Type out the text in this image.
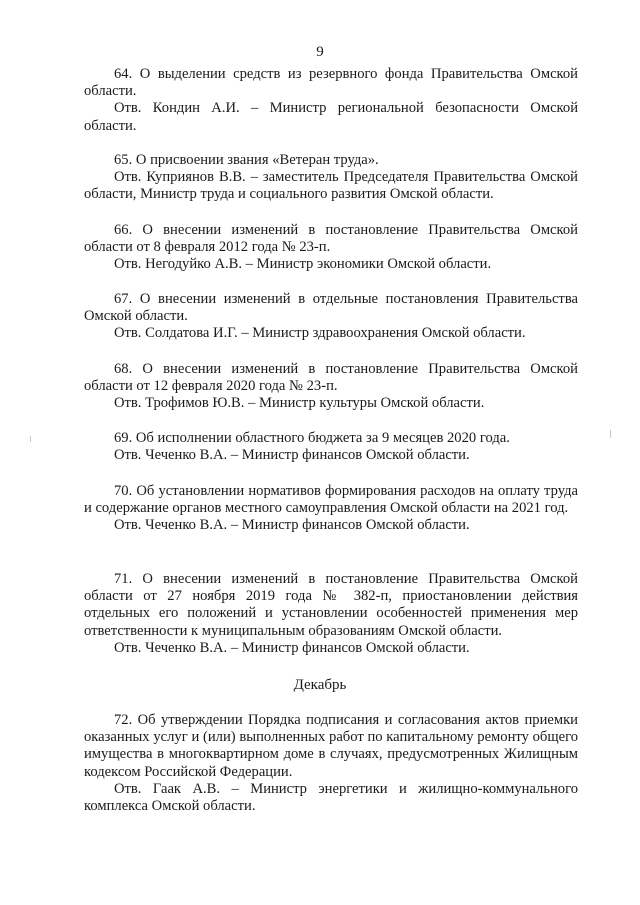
9

64. О выделении средств из резервного фонда Правительства Омской области.

Отв. Кондин А.И. – Министр региональной безопасности Омской области.

65. О присвоении звания «Ветеран труда».

Отв. Куприянов В.В. – заместитель Председателя Правительства Омской области, Министр труда и социального развития Омской области.

66. О внесении изменений в постановление Правительства Омской области от 8 февраля 2012 года № 23-п.

Отв. Негодуйко А.В. – Министр экономики Омской области.

67. О внесении изменений в отдельные постановления Правительства Омской области.

Отв. Солдатова И.Г. – Министр здравоохранения Омской области.

68. О внесении изменений в постановление Правительства Омской области от 12 февраля 2020 года № 23-п.

Отв. Трофимов Ю.В. – Министр культуры Омской области.

69. Об исполнении областного бюджета за 9 месяцев 2020 года.

Отв. Чеченко В.А. – Министр финансов Омской области.

70. Об установлении нормативов формирования расходов на оплату труда и содержание органов местного самоуправления Омской области на 2021 год.

Отв. Чеченко В.А. – Министр финансов Омской области.

71. О внесении изменений в постановление Правительства Омской области от 27 ноября 2019 года № 382-п, приостановлении действия отдельных его положений и установлении особенностей применения мер ответственности к муниципальным образованиям Омской области.

Отв. Чеченко В.А. – Министр финансов Омской области.

Декабрь

72. Об утверждении Порядка подписания и согласования актов приемки оказанных услуг и (или) выполненных работ по капитальному ремонту общего имущества в многоквартирном доме в случаях, предусмотренных Жилищным кодексом Российской Федерации.

Отв. Гаак А.В. – Министр энергетики и жилищно-коммунального комплекса Омской области.
